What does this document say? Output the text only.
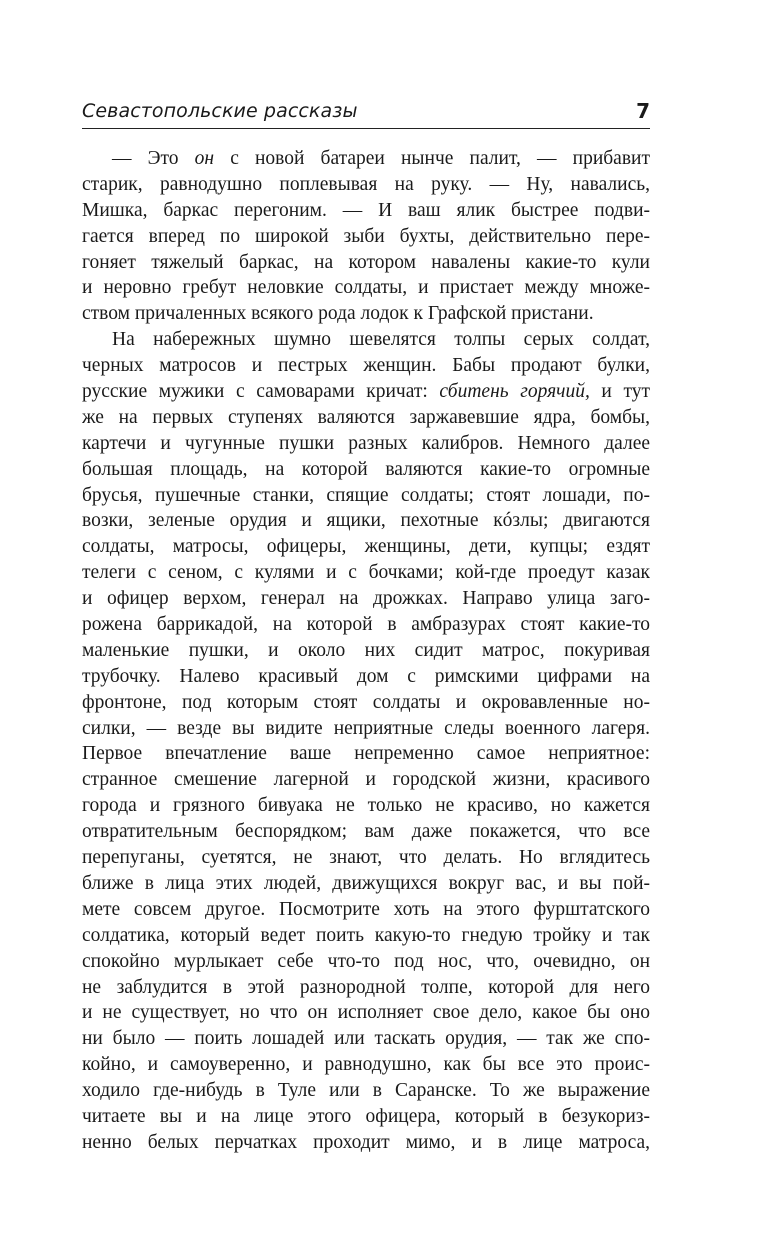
Севастопольские рассказы	7
— Это он с новой батареи нынче палит, — прибавит
старик, равнодушно поплевывая на руку. — Ну, навались,
Мишка, баркас перегоним. — И ваш ялик быстрее подви-
гается вперед по широкой зыби бухты, действительно пере-
гоняет тяжелый баркас, на котором навалены какие-то кули
и неровно гребут неловкие солдаты, и пристает между множе-
ством причаленных всякого рода лодок к Графской пристани.
На набережных шумно шевелятся толпы серых солдат,
черных матросов и пестрых женщин. Бабы продают булки,
русские мужики с самоварами кричат: сбитень горячий, и тут
же на первых ступенях валяются заржавевшие ядра, бомбы,
картечи и чугунные пушки разных калибров. Немного далее
большая площадь, на которой валяются какие-то огромные
брусья, пушечные станки, спящие солдаты; стоят лошади, по-
возки, зеленые орудия и ящики, пехотные кóзлы; двигаются
солдаты, матросы, офицеры, женщины, дети, купцы; ездят
телеги с сеном, с кулями и с бочками; кой-где проедут казак
и офицер верхом, генерал на дрожках. Направо улица заго-
рожена баррикадой, на которой в амбразурах стоят какие-то
маленькие пушки, и около них сидит матрос, покуривая
трубочку. Налево красивый дом с римскими цифрами на
фронтоне, под которым стоят солдаты и окровавленные но-
силки, — везде вы видите неприятные следы военного лагеря.
Первое впечатление ваше непременно самое неприятное:
странное смешение лагерной и городской жизни, красивого
города и грязного бивуака не только не красиво, но кажется
отвратительным беспорядком; вам даже покажется, что все
перепуганы, суетятся, не знают, что делать. Но вглядитесь
ближе в лица этих людей, движущихся вокруг вас, и вы пой-
мете совсем другое. Посмотрите хоть на этого фурштатского
солдатика, который ведет поить какую-то гнедую тройку и так
спокойно мурлыкает себе что-то под нос, что, очевидно, он
не заблудится в этой разнородной толпе, которой для него
и не существует, но что он исполняет свое дело, какое бы оно
ни было — поить лошадей или таскать орудия, — так же спо-
койно, и самоуверенно, и равнодушно, как бы все это проис-
ходило где-нибудь в Туле или в Саранске. То же выражение
читаете вы и на лице этого офицера, который в безукориз-
ненно белых перчатках проходит мимо, и в лице матроса,
